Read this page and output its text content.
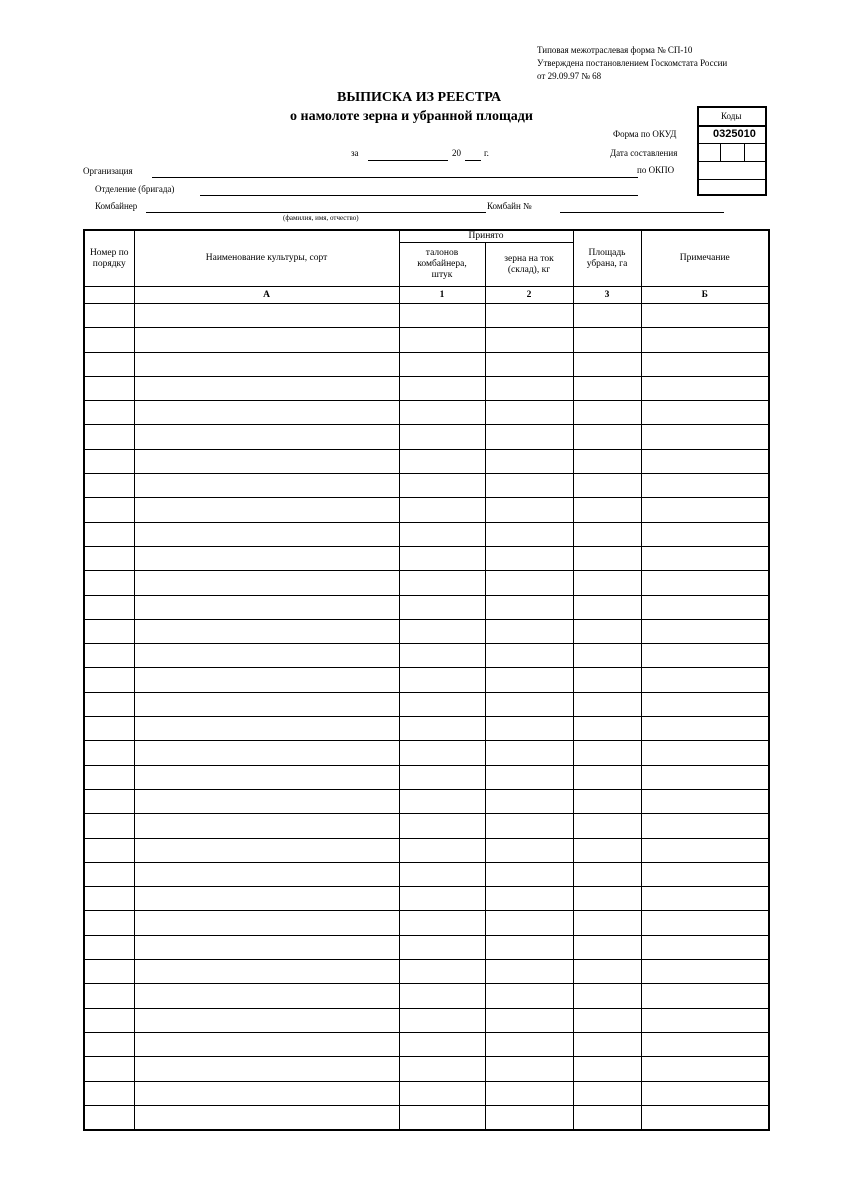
Типовая межотраслевая форма № СП-10
Утверждена постановлением Госкомстата России
от 29.09.97 № 68
ВЫПИСКА ИЗ РЕЕСТРА
о намолоте зерна и убранной площади	Коды
0325010
Форма по ОКУД
Дата составления
по ОКПО
за	20	г.
Организация
Отделение (бригада)
Комбайнер
(фамилия, имя, отчество)
Комбайн №
Номер по порядку	Наименование культуры, сорт	Принято		Площадь убрана, га	Примечание
		талонов комбайнера, штук	зерна на ток (склад), кг		
	А	1	2	3	Б
